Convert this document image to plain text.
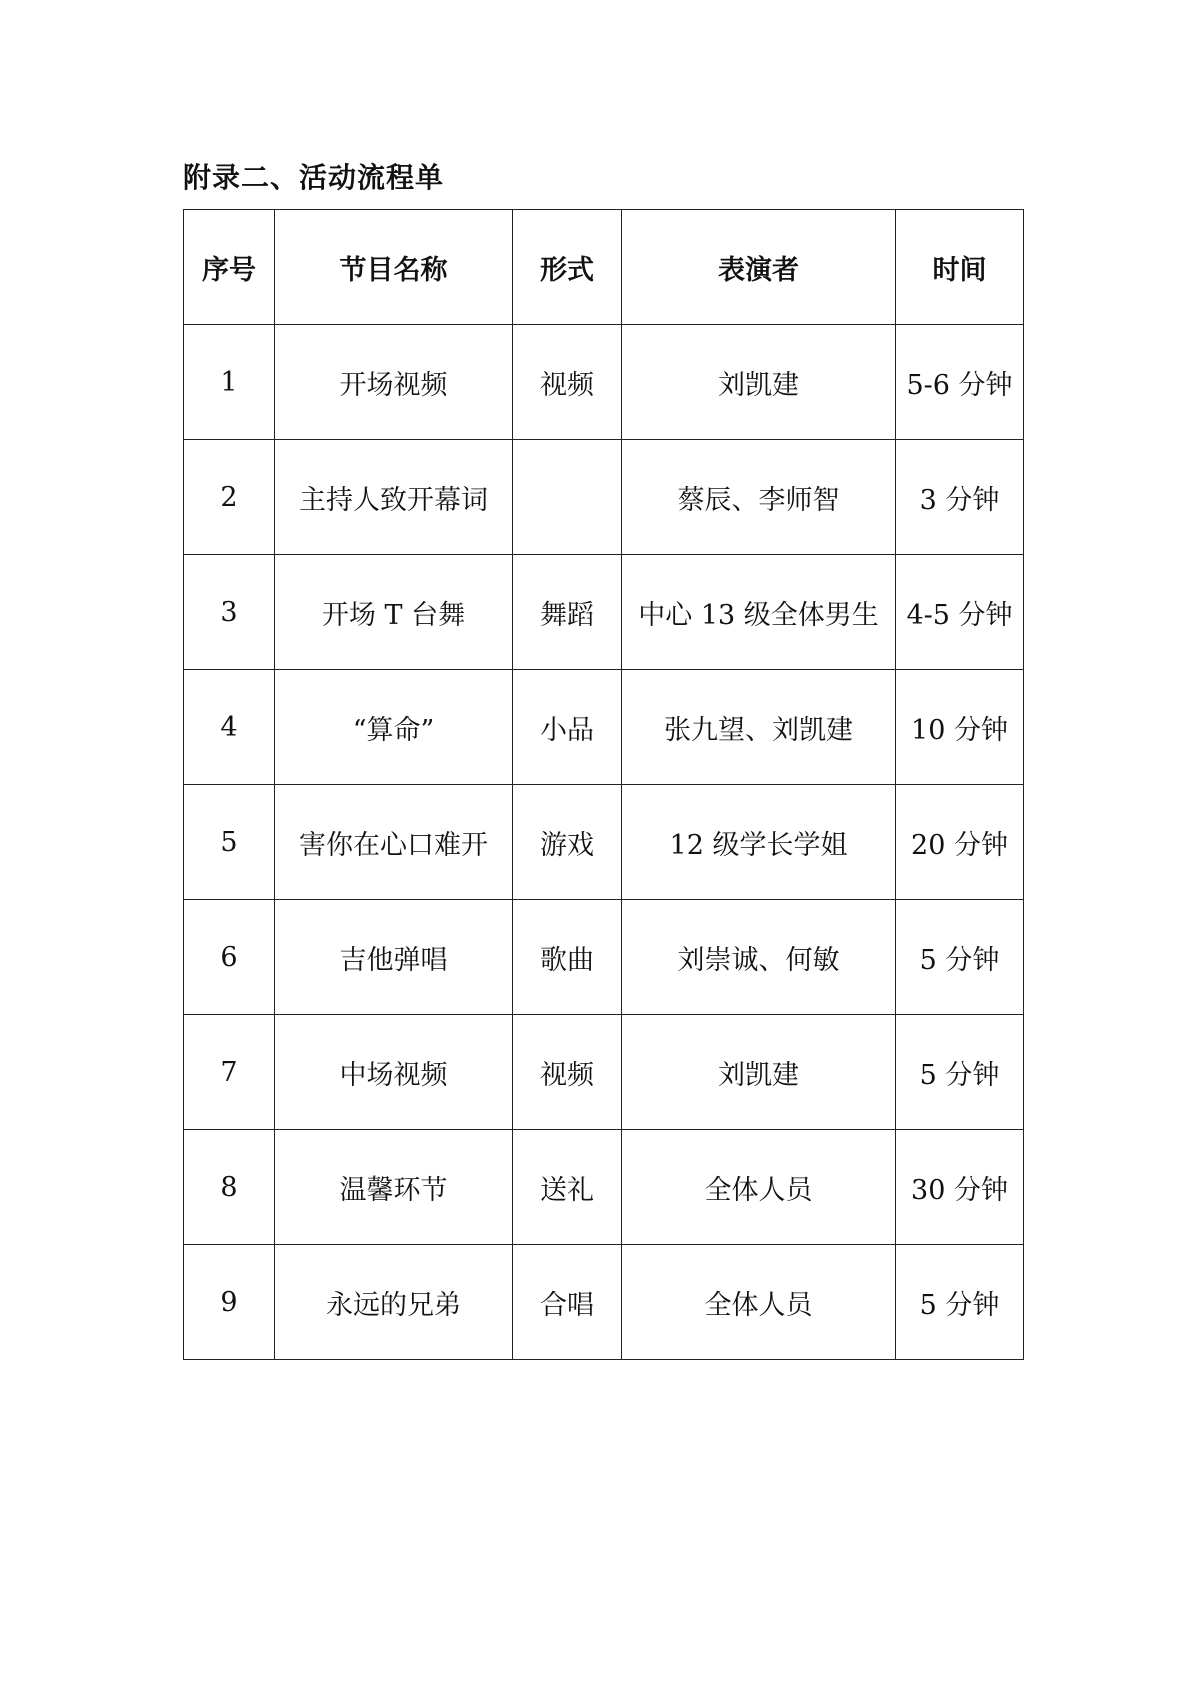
附录二、活动流程单
序号	节目名称	形式	表演者	时间
1	开场视频	视频	刘凯建	5-6 分钟
2	主持人致开幕词		蔡辰、李师智	3 分钟
3	开场 T 台舞	舞蹈	中心 13 级全体男生	4-5 分钟
4	“算命”	小品	张九望、刘凯建	10 分钟
5	害你在心口难开	游戏	12 级学长学姐	20 分钟
6	吉他弹唱	歌曲	刘崇诚、何敏	5 分钟
7	中场视频	视频	刘凯建	5 分钟
8	温馨环节	送礼	全体人员	30 分钟
9	永远的兄弟	合唱	全体人员	5 分钟
